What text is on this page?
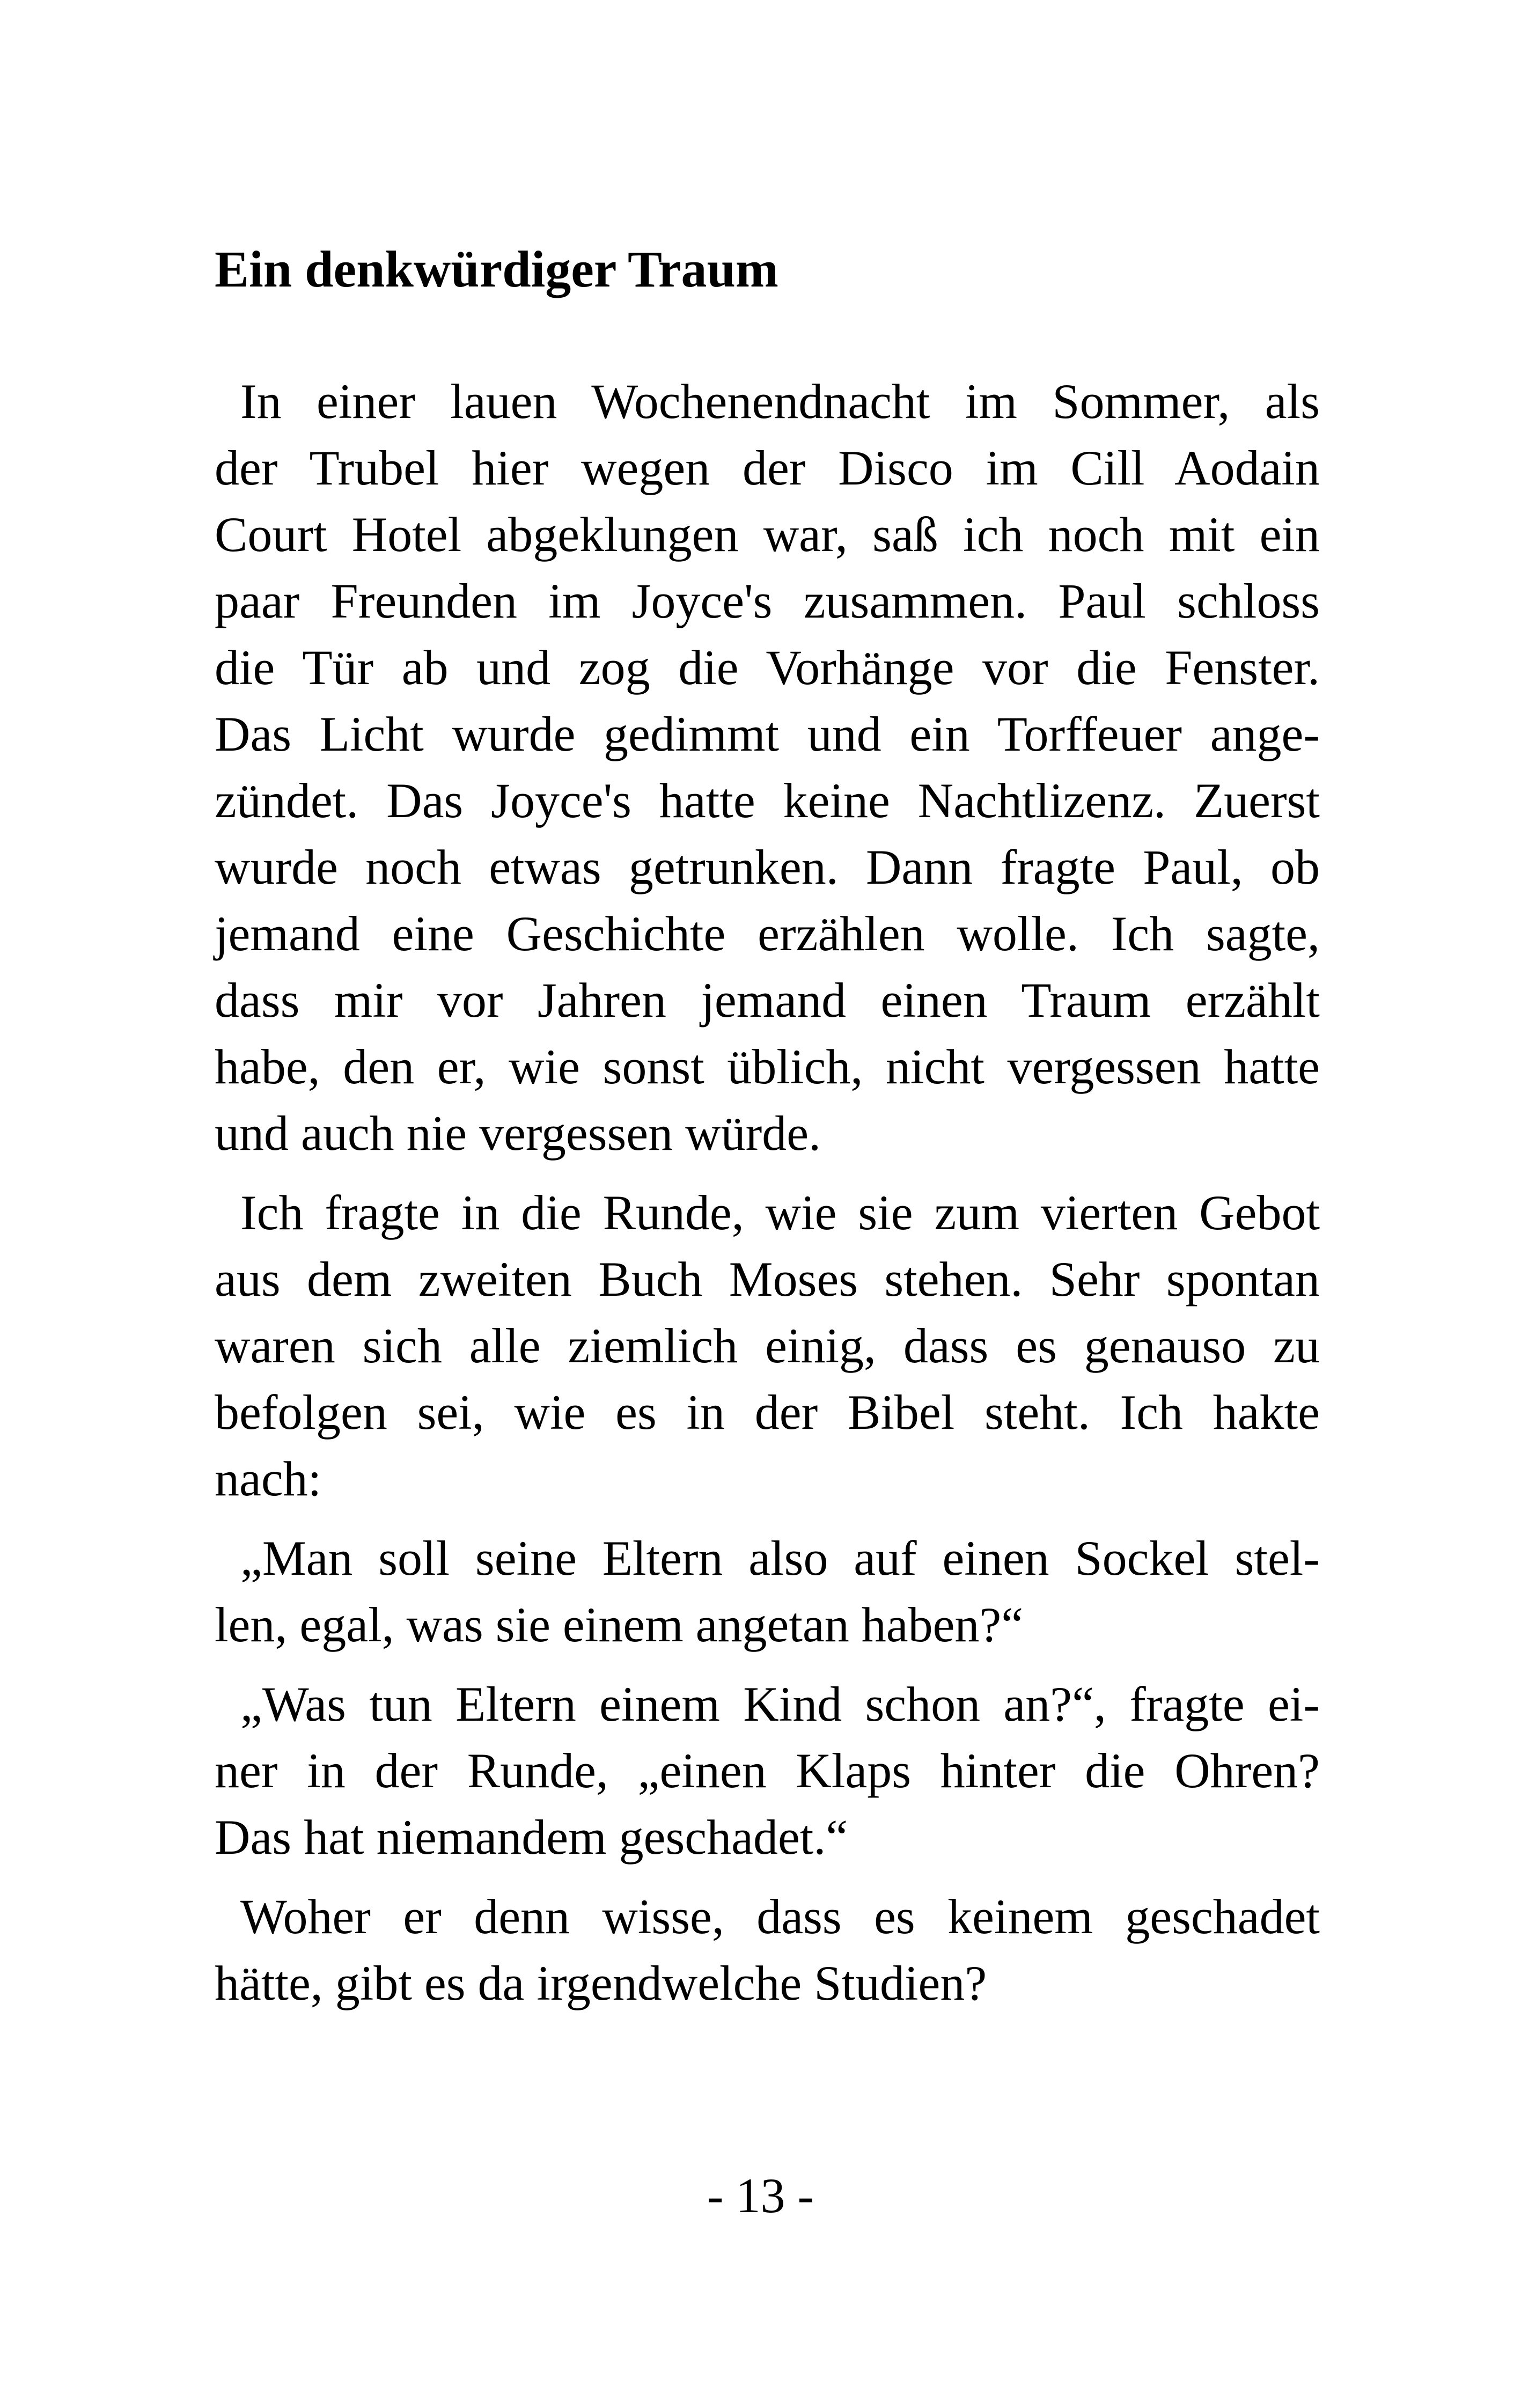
Ein denkwürdiger Traum

In einer lauen Wochenendnacht im Sommer, als
der Trubel hier wegen der Disco im Cill Aodain
Court Hotel abgeklungen war, saß ich noch mit ein
paar Freunden im Joyce's zusammen. Paul schloss
die Tür ab und zog die Vorhänge vor die Fenster.
Das Licht wurde gedimmt und ein Torffeuer ange-
zündet. Das Joyce's hatte keine Nachtlizenz. Zuerst
wurde noch etwas getrunken. Dann fragte Paul, ob
jemand eine Geschichte erzählen wolle. Ich sagte,
dass mir vor Jahren jemand einen Traum erzählt
habe, den er, wie sonst üblich, nicht vergessen hatte
und auch nie vergessen würde.

Ich fragte in die Runde, wie sie zum vierten Gebot
aus dem zweiten Buch Moses stehen. Sehr spontan
waren sich alle ziemlich einig, dass es genauso zu
befolgen sei, wie es in der Bibel steht. Ich hakte
nach:

„Man soll seine Eltern also auf einen Sockel stel-
len, egal, was sie einem angetan haben?“

„Was tun Eltern einem Kind schon an?“, fragte ei-
ner in der Runde, „einen Klaps hinter die Ohren?
Das hat niemandem geschadet.“

Woher er denn wisse, dass es keinem geschadet
hätte, gibt es da irgendwelche Studien?

- 13 -
